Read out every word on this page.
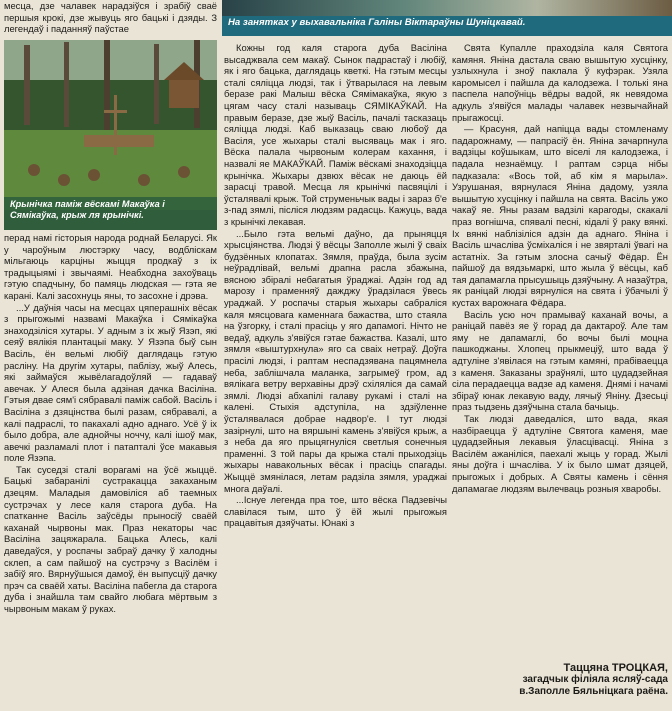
На занятках у выхавальніка Галіны Віктараўны Шуніцкавай.

месца, дзе чалавек нарадзіўся і зрабіў сваё першыя крокі, дзе жывуць яго бацькі і дзяды. З легендаў і паданняў паўстае

Крынічка паміж вёскамі Макаўка і Сямікаўка, крыж ля крынічкі.

перад намі гісторыя народа роднай Беларусі. Як у чароўным люстэрку часу, водбліскам мільгаюць карціны жыцця продкаў з іх традыцыямі і звычаямі. Неабходна захоўваць гэтую спадчыну, бо памяць людская — гэта яе карані. Калі засохнуць яны, то засохне і дрэва.

...У даўнія часы на месцах цяперашніх вёсак з прыгожымі назвамі Макаўка і Сямікаўка знаходзіліся хутары. У адным з іх жыў Язэп, які сеяў вялікія плантацыі маку. У Язэпа быў сын Васіль, ён вельмі любіў даглядаць гэтую расліну. На другім хутары, паблізу, жыў Алесь, які займаўся жывёлагадоўляй — гадаваў авечак. У Алеся была адзіная дачка Васіліна. Гэтыя двае сям'і сябравалі паміж сабой. Васіль і Васіліна з дзяцінства былі разам, сябравалі, а калі падраслі, то пакахалі адно аднаго. Усё ў іх было добра, але аднойчы ноччу, калі ішоў мак, авечкі разламалі плот і патапталі ўсе макавыя поле Язэпа.

Так суседзі сталі ворагамі на ўсё жыццё. Бацькі забаранілі сустракацца закаханым дзецям. Маладыя дамовіліся аб таемных сустрэчах у лесе каля старога дуба. На спатканне Васіль заўсёды прыносіў сваёй каханай чырвоны мак. Праз некаторы час Васіліна зацяжарала. Бацька Алесь, калі даведаўся, у роспачы забраў дачку ў халодны склеп, а сам пайшоў на сустрэчу з Васілём і забіў яго. Вярнуўшыся дамоў, ён выпусціў дачку прэч са сваёй хаты. Васіліна пабегла да старога дуба і знайшла там свайго любага мёртвым з чырвоным макам ў руках.

Кожны год каля старога дуба Васіліна высаджвала сем макаў. Сынок падрастаў і любіў, як і яго бацька, даглядаць кветкі. На гэтым месцы сталі сяліцца людзі, так і ўтварылася на левым беразе ракі Малыш вёска Сямімакаўка, якую з цягам часу сталі называць СЯМІКАЎКАЙ. На правым беразе, дзе жыў Васіль, пачалі тасказаць сяліцца людзі. Каб выказаць сваю любоў да Васіля, усе жыхары сталі высяваць мак і яго. Вёска палала чырвоным колерам кахання, і назвалі яе МАКАЎКАЙ. Паміж вёскамі знаходзіцца крынічка. Жыхары дзвюх вёсак не даюць ёй зарасці травой. Месца ля крынічкі пасвяцілі і ўсталявалі крыж. Той струменьчык вады і зараз б'е з-пад зямлі, післіся людзям радасць. Кажуць, вада з крынічкі лекавая.

...Было гэта вельмі даўно, да прыняцця хрысціянства. Людзі ў вёсцы Заполле жылі ў сваіх будзённых клопатах. Зямля, праўда, была зусім неўрадлівай, вельмі драпна расла збажына, вясною збіралі небагатыя ўраджаі. Адзін год ад марозу і праменняў дажджу ўрадзілася ўвесь ураджай. У роспачы старыя жыхары сабраліся каля мясцовага каменнага бажаства, што стаяла на ўзгорку, і сталі прасіць у яго дапамогі. Нічто не ведаў, адкуль з'явіўся гэтае бажаства. Казалі, што зямля «выштурхнула» яго са сваіх нетраў. Доўга прасілі людзі, і раптам неспадзявана пацямнела неба, заблішчала маланка, загрымеў гром, ад вялікага ветру верхавіны дрэў схіляліся да самай зямлі. Людзі абхапілі галаву рукамі і сталі на калені. Стыхія адступіла, на здзіўленне ўсталявалася добрае надвор'е. І тут людзі зазірнулі, што на вяршыні камень з'явіўся крыж, а з неба да яго прыцягнуліся светлыя сонечныя праменні. З той пары да крыжа сталі прыходзіць жыхары навакольных вёсак і прасіць спагады. Жыццё змянілася, летам радзіла зямля, ураджаі многа даўалі.

...Існуе легенда пра тое, што вёска Падзевічы славілася тым, што ў ёй жылі прыгожыя працавітыя дзяўчаты. Юнакі з

Свята Купалле праходзіла каля Святога камяня. Яніна дастала сваю вышытую хусцінку, узлыхнула і зноў паклала ў куфэрак. Узяла каромысел і пайшла да калодзежа. І толькі яна паспела напоўніць вёдры вадой, як невядома адкуль з'явіўся малады чалавек незвычайнай прыгажосці.

— Красуня, дай напіцца вады стомленаму падарожнаму, — папрасіў ён. Яніна зачарпнула вадзіцы коўшыкам, што віселі ля калодзежа, і падала незнаёмцу. І раптам сэрца нібы падказала: «Вось той, аб кім я марыла». Узрушаная, вярнулася Яніна дадому, узяла вышытую хусцінку і пайшла на свята. Васіль ужо чакаў яе. Яны разам вадзілі карагоды, скакалі праз вогнішча, спявалі песні, кідалі ў раку вянкі. Іх вянкі наблізіліся адзін да аднаго. Яніна і Васіль шчасліва ўсміхаліся і не звярталі ўвагі на астатніх. За гэтым злосна сачыў Фёдар. Ён пайшоў да вядзьмаркі, што жыла ў вёсцы, каб тая дапамагла прысушыць дзяўчыну. А назаўтра, як раніцай людзі вярнуліся на свята і ўбачылі ў кустах варожнага Фёдара.

Васіль усю ноч прамываў каханай вочы, а раніцай павёз яе ў горад да дактароў. Але там яму не дапамаглі, бо вочы былі моцна пашкоджаны. Хлопец прыкмеціў, што вада ў адтуліне з'явілася на гэтым камяні, прабіваецца з каменя. Заказаны зраўнялі, што цудадзейная сіла перадаецца вадзе ад каменя. Днямі і начамі збіраў юнак лекавую ваду, лячыў Яніну. Дзесьці праз тыдзень дзяўчына стала бачыць.

Так людзі даведаліся, што вада, якая назбіраецца ў адтуліне Святога каменя, мае цудадзейныя лекавыя ўласцівасці. Яніна з Васілём ажаніліся, паехалі жыць у горад. Жылі яны доўга і шчасліва. У іх было шмат дзяцей, прыгожых і добрых. А Святы камень і сёння дапамагае людзям вылечваць розныя хваробы.

Таццяна ТРОЦКАЯ,
загадчык філіяла ясляў-сада
в.Заполле Бяльніцкага раёна.
